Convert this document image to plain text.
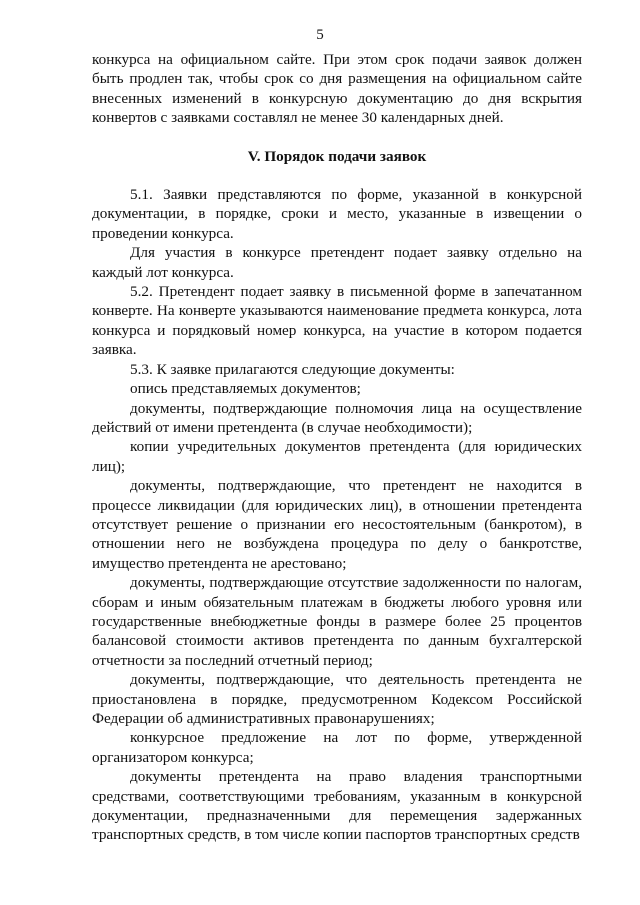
5

конкурса на официальном сайте. При этом срок подачи заявок должен быть продлен так, чтобы срок со дня размещения на официальном сайте внесенных изменений в конкурсную документацию до дня вскрытия конвертов с заявками составлял не менее 30 календарных дней.

V. Порядок подачи заявок

5.1. Заявки представляются по форме, указанной в конкурсной документации, в порядке, сроки и место, указанные в извещении о проведении конкурса.

Для участия в конкурсе претендент подает заявку отдельно на каждый лот конкурса.

5.2. Претендент подает заявку в письменной форме в запечатанном конверте. На конверте указываются наименование предмета конкурса, лота конкурса и порядковый номер конкурса, на участие в котором подается заявка.

5.3. К заявке прилагаются следующие документы:

опись представляемых документов;

документы, подтверждающие полномочия лица на осуществление действий от имени претендента (в случае необходимости);

копии учредительных документов претендента (для юридических лиц);

документы, подтверждающие, что претендент не находится в процессе ликвидации (для юридических лиц), в отношении претендента отсутствует решение о признании его несостоятельным (банкротом), в отношении него не возбуждена процедура по делу о банкротстве, имущество претендента не арестовано;

документы, подтверждающие отсутствие задолженности по налогам, сборам и иным обязательным платежам в бюджеты любого уровня или государственные внебюджетные фонды в размере более 25 процентов балансовой стоимости активов претендента по данным бухгалтерской отчетности за последний отчетный период;

документы, подтверждающие, что деятельность претендента не приостановлена в порядке, предусмотренном Кодексом Российской Федерации об административных правонарушениях;

конкурсное предложение на лот по форме, утвержденной организатором конкурса;

документы претендента на право владения транспортными средствами, соответствующими требованиям, указанным в конкурсной документации, предназначенными для перемещения задержанных транспортных средств, в том числе копии паспортов транспортных средств
